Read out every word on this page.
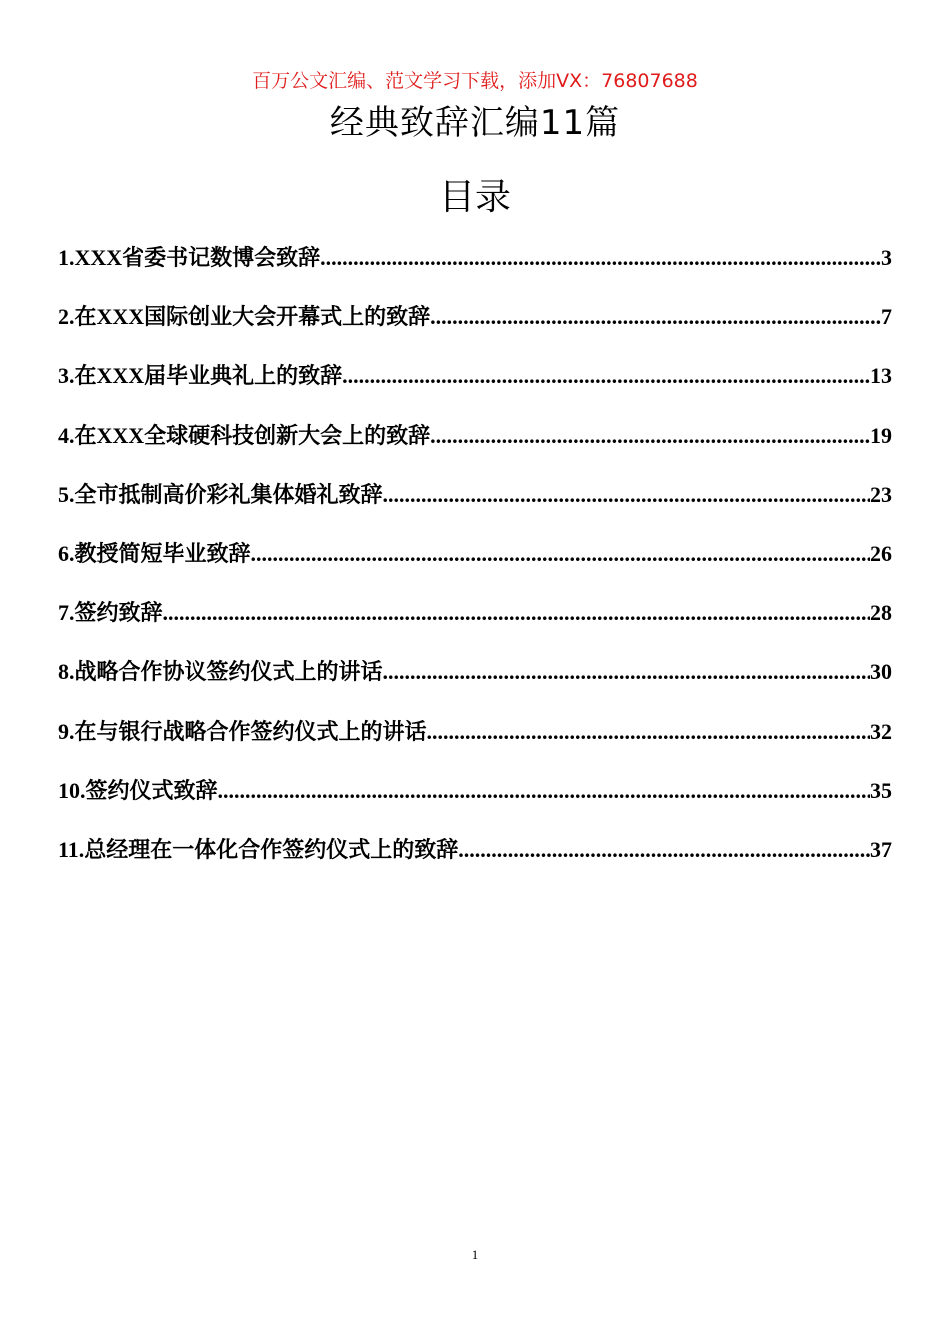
百万公文汇编、范文学习下载，添加VX：76807688
经典致辞汇编11篇
目录
1.XXX省委书记数博会致辞 .....	3
2.在XXX国际创业大会开幕式上的致辞 .....	7
3.在XXX届毕业典礼上的致辞 .....	13
4.在XXX全球硬科技创新大会上的致辞 .....	19
5.全市抵制高价彩礼集体婚礼致辞 .....	23
6.教授简短毕业致辞 .....	26
7.签约致辞 .....	28
8.战略合作协议签约仪式上的讲话 .....	30
9.在与银行战略合作签约仪式上的讲话 .....	32
10.签约仪式致辞 .....	35
11.总经理在一体化合作签约仪式上的致辞 .....	37
1
